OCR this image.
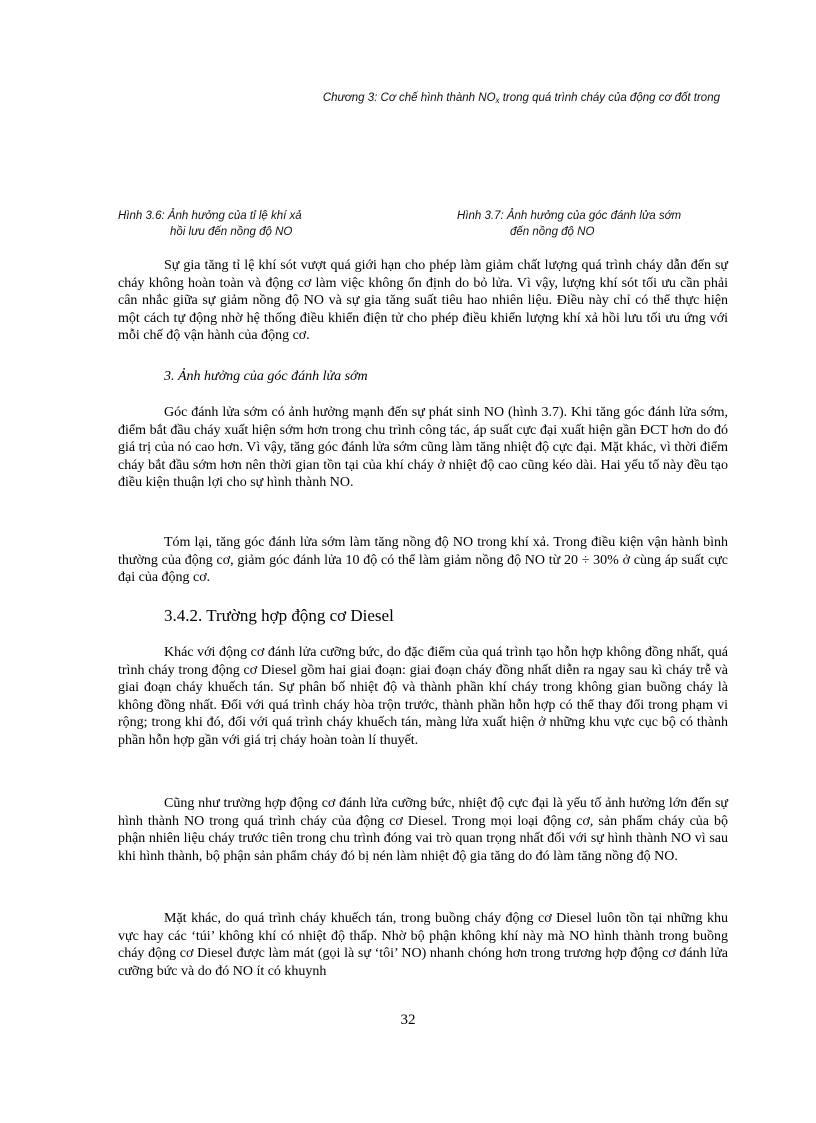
Chương 3: Cơ chế hình thành $NO_x$ trong quá trình cháy của động cơ đốt trong
Hình 3.6: Ảnh hưởng của tỉ lệ khí xả
hồi lưu đến nồng độ NO
Hình 3.7: Ảnh hưởng của góc đánh lửa sớm
đến nồng độ NO

Sự gia tăng tỉ lệ khí sót vượt quá giới hạn cho phép làm giảm chất lượng quá trình cháy dẫn đến sự cháy không hoàn toàn và động cơ làm việc không ổn định do bỏ lửa. Vì vậy, lượng khí sót tối ưu cần phải cân nhắc giữa sự giảm nồng độ NO và sự gia tăng suất tiêu hao nhiên liệu. Điều này chỉ có thể thực hiện một cách tự động nhờ hệ thống điều khiển điện tử cho phép điều khiển lượng khí xả hồi lưu tối ưu ứng với mỗi chế độ vận hành của động cơ.

3. Ảnh hưởng của góc đánh lửa sớm

Góc đánh lửa sớm có ảnh hưởng mạnh đến sự phát sinh NO (hình 3.7). Khi tăng góc đánh lửa sớm, điểm bắt đầu cháy xuất hiện sớm hơn trong chu trình công tác, áp suất cực đại xuất hiện gần ĐCT hơn do đó giá trị của nó cao hơn. Vì vậy, tăng góc đánh lửa sớm cũng làm tăng nhiệt độ cực đại. Mặt khác, vì thời điểm cháy bắt đầu sớm hơn nên thời gian tồn tại của khí cháy ở nhiệt độ cao cũng kéo dài. Hai yếu tố này đều tạo điều kiện thuận lợi cho sự hình thành NO.

Tóm lại, tăng góc đánh lửa sớm làm tăng nồng độ NO trong khí xả. Trong điều kiện vận hành bình thường của động cơ, giảm góc đánh lửa 10 độ có thể làm giảm nồng độ NO từ 20 ÷ 30% ở cùng áp suất cực đại của động cơ.

3.4.2. Trường hợp động cơ Diesel

Khác với động cơ đánh lửa cưỡng bức, do đặc điểm của quá trình tạo hỗn hợp không đồng nhất, quá trình cháy trong động cơ Diesel gồm hai giai đoạn: giai đoạn cháy đồng nhất diễn ra ngay sau kì cháy trễ và giai đoạn cháy khuếch tán. Sự phân bố nhiệt độ và thành phần khí cháy trong không gian buồng cháy là không đồng nhất. Đối với quá trình cháy hòa trộn trước, thành phần hỗn hợp có thể thay đổi trong phạm vi rộng; trong khi đó, đối với quá trình cháy khuếch tán, màng lửa xuất hiện ở những khu vực cục bộ có thành phần hỗn hợp gần với giá trị cháy hoàn toàn lí thuyết.

Cũng như trường hợp động cơ đánh lửa cưỡng bức, nhiệt độ cực đại là yếu tố ảnh hưởng lớn đến sự hình thành NO trong quá trình cháy của động cơ Diesel. Trong mọi loại động cơ, sản phẩm cháy của bộ phận nhiên liệu cháy trước tiên trong chu trình đóng vai trò quan trọng nhất đối với sự hình thành NO vì sau khi hình thành, bộ phận sản phẩm cháy đó bị nén làm nhiệt độ gia tăng do đó làm tăng nồng độ NO.

Mặt khác, do quá trình cháy khuếch tán, trong buồng cháy động cơ Diesel luôn tồn tại những khu vực hay các ‘túi’ không khí có nhiệt độ thấp. Nhờ bộ phận không khí này mà NO hình thành trong buồng cháy động cơ Diesel được làm mát (gọi là sự ‘tôi’ NO) nhanh chóng hơn trong trương hợp động cơ đánh lửa cưỡng bức và do đó NO ít có khuynh

32
